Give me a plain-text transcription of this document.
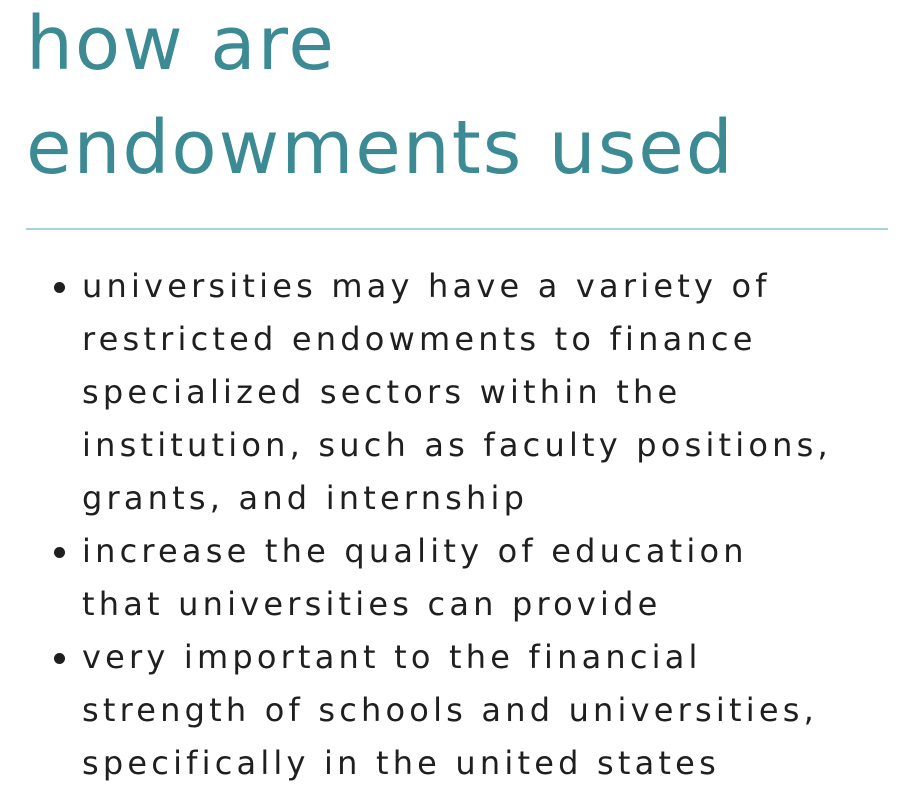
how are
endowments used
universities may have a variety of
restricted endowments to finance
specialized sectors within the
institution, such as faculty positions,
grants, and internship
increase the quality of education
that universities can provide
very important to the financial
strength of schools and universities,
specifically in the united states
